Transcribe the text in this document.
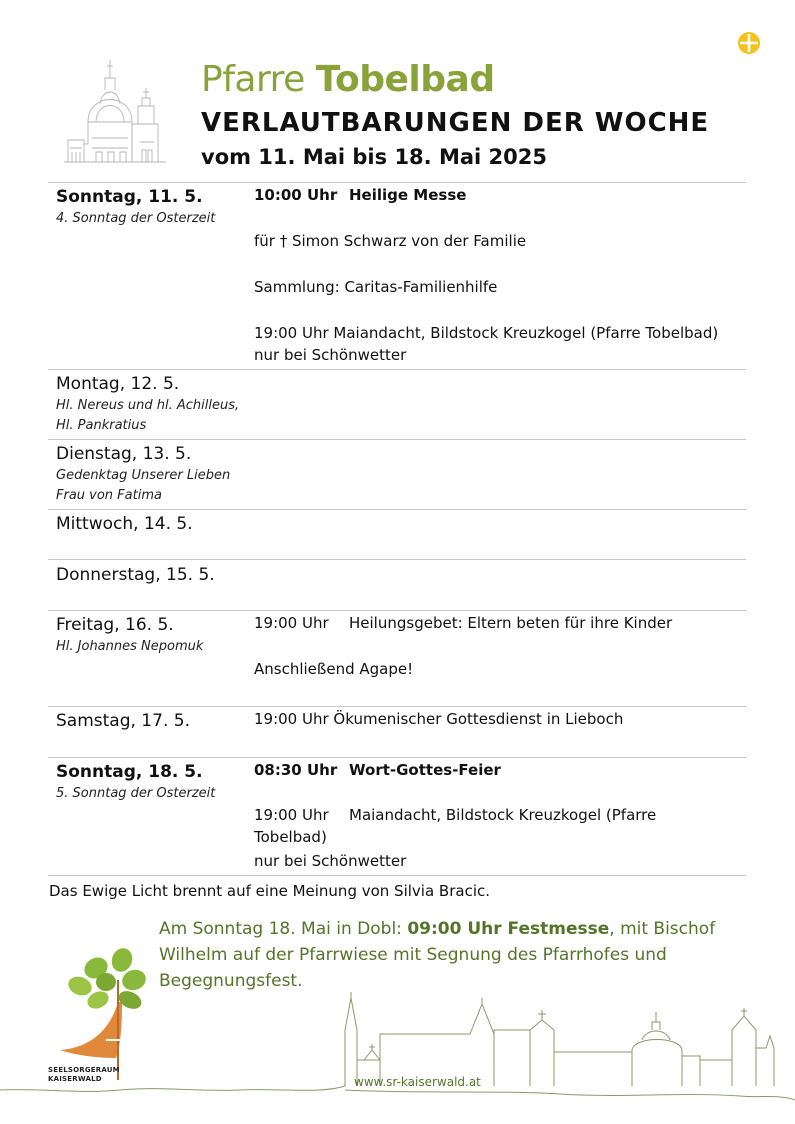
Pfarre Tobelbad
VERLAUTBARUNGEN DER WOCHE
vom 11. Mai bis 18. Mai 2025
Sonntag, 11. 5.
4. Sonntag der Osterzeit
10:00 Uhr Heilige Messe
für † Simon Schwarz von der Familie
Sammlung: Caritas-Familienhilfe
19:00 Uhr Maiandacht, Bildstock Kreuzkogel (Pfarre Tobelbad)
nur bei Schönwetter
Montag, 12. 5.
Hl. Nereus und hl. Achilleus,
Hl. Pankratius
Dienstag, 13. 5.
Gedenktag Unserer Lieben
Frau von Fatima
Mittwoch, 14. 5.
Donnerstag, 15. 5.
Freitag, 16. 5.
Hl. Johannes Nepomuk
19:00 Uhr Heilungsgebet: Eltern beten für ihre Kinder
Anschließend Agape!
Samstag, 17. 5.	19:00 Uhr Ökumenischer Gottesdienst in Lieboch
Sonntag, 18. 5.
5. Sonntag der Osterzeit
08:30 Uhr Wort-Gottes-Feier
19:00 Uhr Maiandacht, Bildstock Kreuzkogel (Pfarre
Tobelbad)
nur bei Schönwetter
Das Ewige Licht brennt auf eine Meinung von Silvia Bracic.
Am Sonntag 18. Mai in Dobl: 09:00 Uhr Festmesse, mit Bischof Wilhelm auf der Pfarrwiese mit Segnung des Pfarrhofes und Begegnungsfest.
SEELSORGERAUM
KAISERWALD	www.sr-kaiserwald.at
